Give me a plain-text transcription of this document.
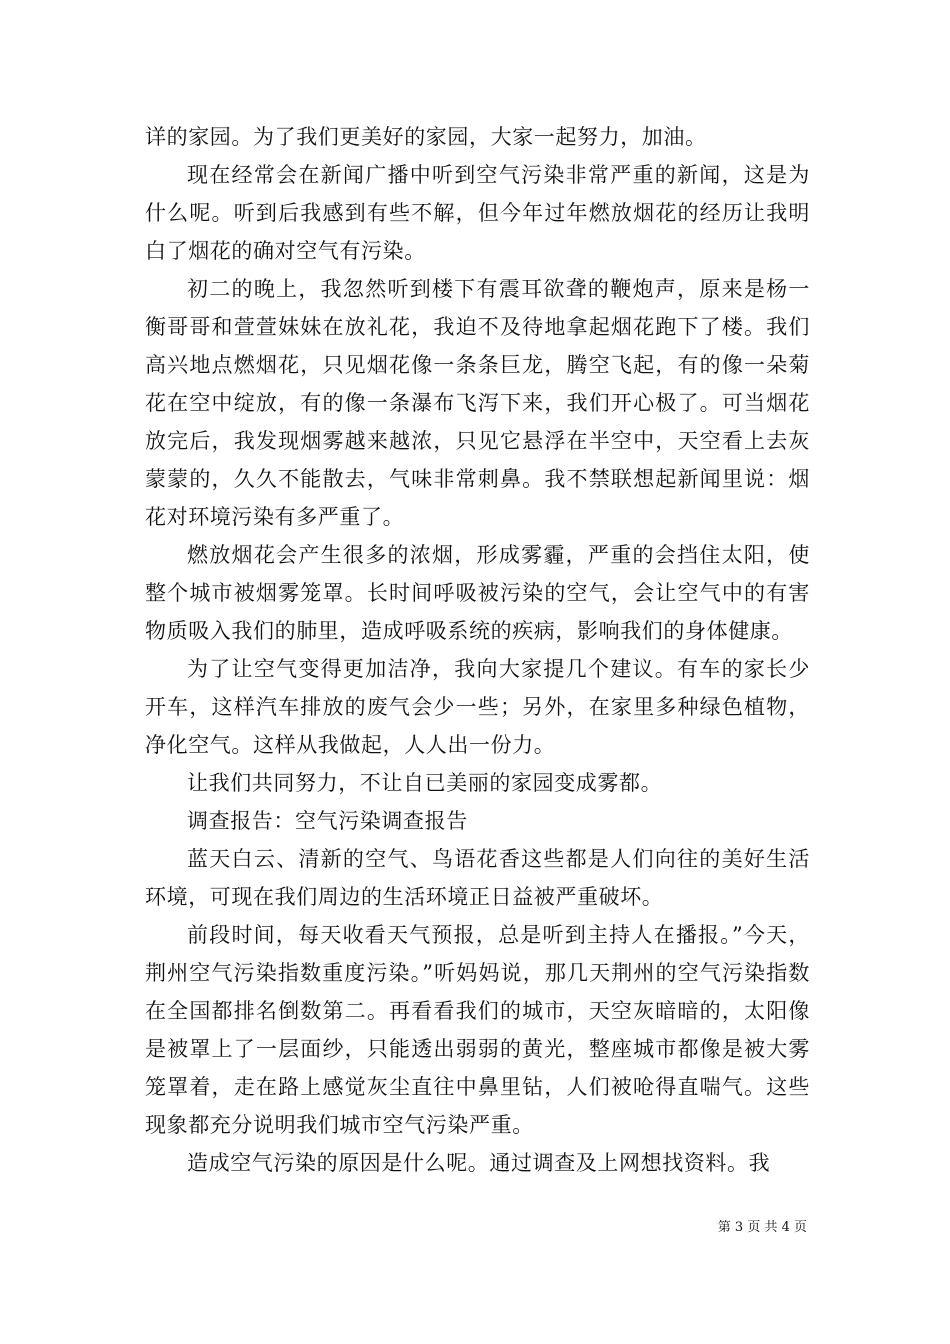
详的家园。为了我们更美好的家园，大家一起努力，加油。

现在经常会在新闻广播中听到空气污染非常严重的新闻，这是为什么呢。听到后我感到有些不解，但今年过年燃放烟花的经历让我明白了烟花的确对空气有污染。

初二的晚上，我忽然听到楼下有震耳欲聋的鞭炮声，原来是杨一衡哥哥和萱萱妹妹在放礼花，我迫不及待地拿起烟花跑下了楼。我们高兴地点燃烟花，只见烟花像一条条巨龙，腾空飞起，有的像一朵菊花在空中绽放，有的像一条瀑布飞泻下来，我们开心极了。可当烟花放完后，我发现烟雾越来越浓，只见它悬浮在半空中，天空看上去灰蒙蒙的，久久不能散去，气味非常刺鼻。我不禁联想起新闻里说：烟花对环境污染有多严重了。

燃放烟花会产生很多的浓烟，形成雾霾，严重的会挡住太阳，使整个城市被烟雾笼罩。长时间呼吸被污染的空气，会让空气中的有害物质吸入我们的肺里，造成呼吸系统的疾病，影响我们的身体健康。

为了让空气变得更加洁净，我向大家提几个建议。有车的家长少开车，这样汽车排放的废气会少一些；另外，在家里多种绿色植物，净化空气。这样从我做起，人人出一份力。

让我们共同努力，不让自已美丽的家园变成雾都。

调查报告：空气污染调查报告

蓝天白云、清新的空气、鸟语花香这些都是人们向往的美好生活环境，可现在我们周边的生活环境正日益被严重破坏。

前段时间，每天收看天气预报，总是听到主持人在播报。”今天，荆州空气污染指数重度污染。”听妈妈说，那几天荆州的空气污染指数在全国都排名倒数第二。再看看我们的城市，天空灰暗暗的，太阳像是被罩上了一层面纱，只能透出弱弱的黄光，整座城市都像是被大雾笼罩着，走在路上感觉灰尘直往中鼻里钻，人们被呛得直喘气。这些现象都充分说明我们城市空气污染严重。

造成空气污染的原因是什么呢。通过调查及上网想找资料。我

第 3 页 共 4 页
